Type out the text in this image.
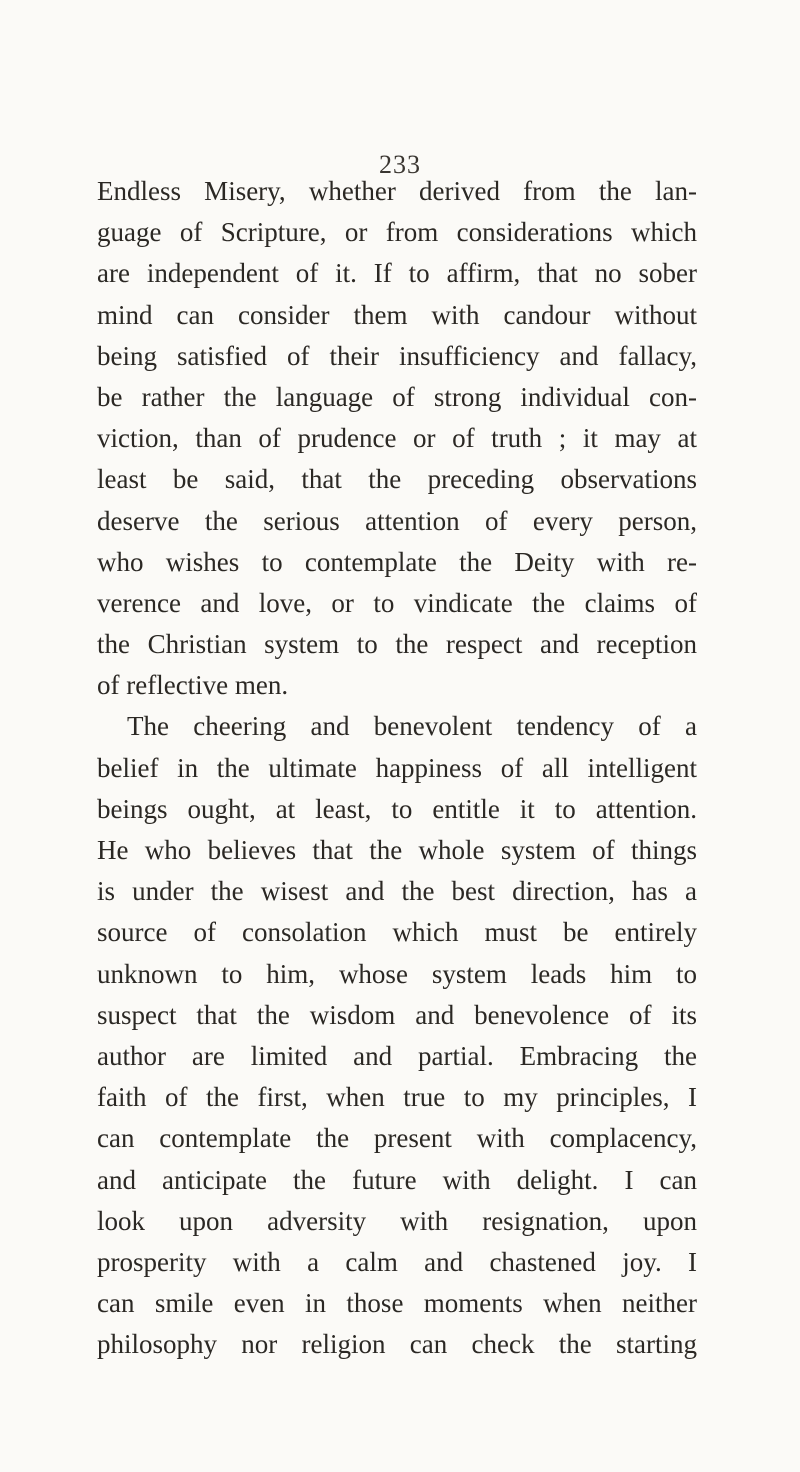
233
Endless Misery, whether derived from the lan-
guage of Scripture, or from considerations which
are independent of it. If to affirm, that no sober
mind can consider them with candour without
being satisfied of their insufficiency and fallacy,
be rather the language of strong individual con-
viction, than of prudence or of truth ; it may at
least be said, that the preceding observations
deserve the serious attention of every person,
who wishes to contemplate the Deity with re-
verence and love, or to vindicate the claims of
the Christian system to the respect and reception
of reflective men.
The cheering and benevolent tendency of a
belief in the ultimate happiness of all intelligent
beings ought, at least, to entitle it to attention.
He who believes that the whole system of things
is under the wisest and the best direction, has a
source of consolation which must be entirely
unknown to him, whose system leads him to
suspect that the wisdom and benevolence of its
author are limited and partial. Embracing the
faith of the first, when true to my principles, I
can contemplate the present with complacency,
and anticipate the future with delight. I can
look upon adversity with resignation, upon
prosperity with a calm and chastened joy. I
can smile even in those moments when neither
philosophy nor religion can check the starting
